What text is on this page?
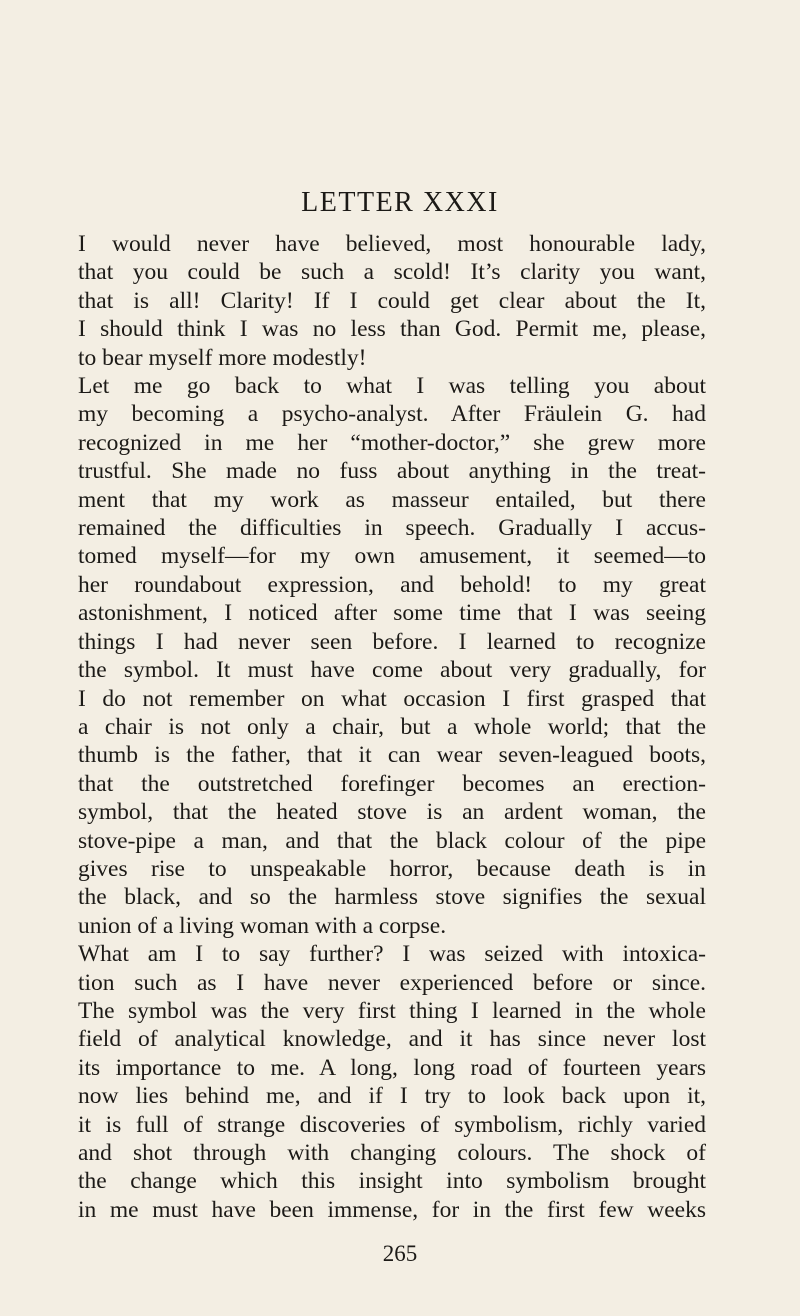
LETTER XXXI

I would never have believed, most honourable lady,
that you could be such a scold! It’s clarity you want,
that is all! Clarity! If I could get clear about the It,
I should think I was no less than God. Permit me, please,
to bear myself more modestly!

Let me go back to what I was telling you about
my becoming a psycho-analyst. After Fräulein G. had
recognized in me her “mother-doctor,” she grew more
trustful. She made no fuss about anything in the treat-
ment that my work as masseur entailed, but there
remained the difficulties in speech. Gradually I accus-
tomed myself—for my own amusement, it seemed—to
her roundabout expression, and behold! to my great
astonishment, I noticed after some time that I was seeing
things I had never seen before. I learned to recognize
the symbol. It must have come about very gradually, for
I do not remember on what occasion I first grasped that
a chair is not only a chair, but a whole world; that the
thumb is the father, that it can wear seven-leagued boots,
that the outstretched forefinger becomes an erection-
symbol, that the heated stove is an ardent woman, the
stove-pipe a man, and that the black colour of the pipe
gives rise to unspeakable horror, because death is in
the black, and so the harmless stove signifies the sexual
union of a living woman with a corpse.

What am I to say further? I was seized with intoxica-
tion such as I have never experienced before or since.
The symbol was the very first thing I learned in the whole
field of analytical knowledge, and it has since never lost
its importance to me. A long, long road of fourteen years
now lies behind me, and if I try to look back upon it,
it is full of strange discoveries of symbolism, richly varied
and shot through with changing colours. The shock of
the change which this insight into symbolism brought
in me must have been immense, for in the first few weeks

265
